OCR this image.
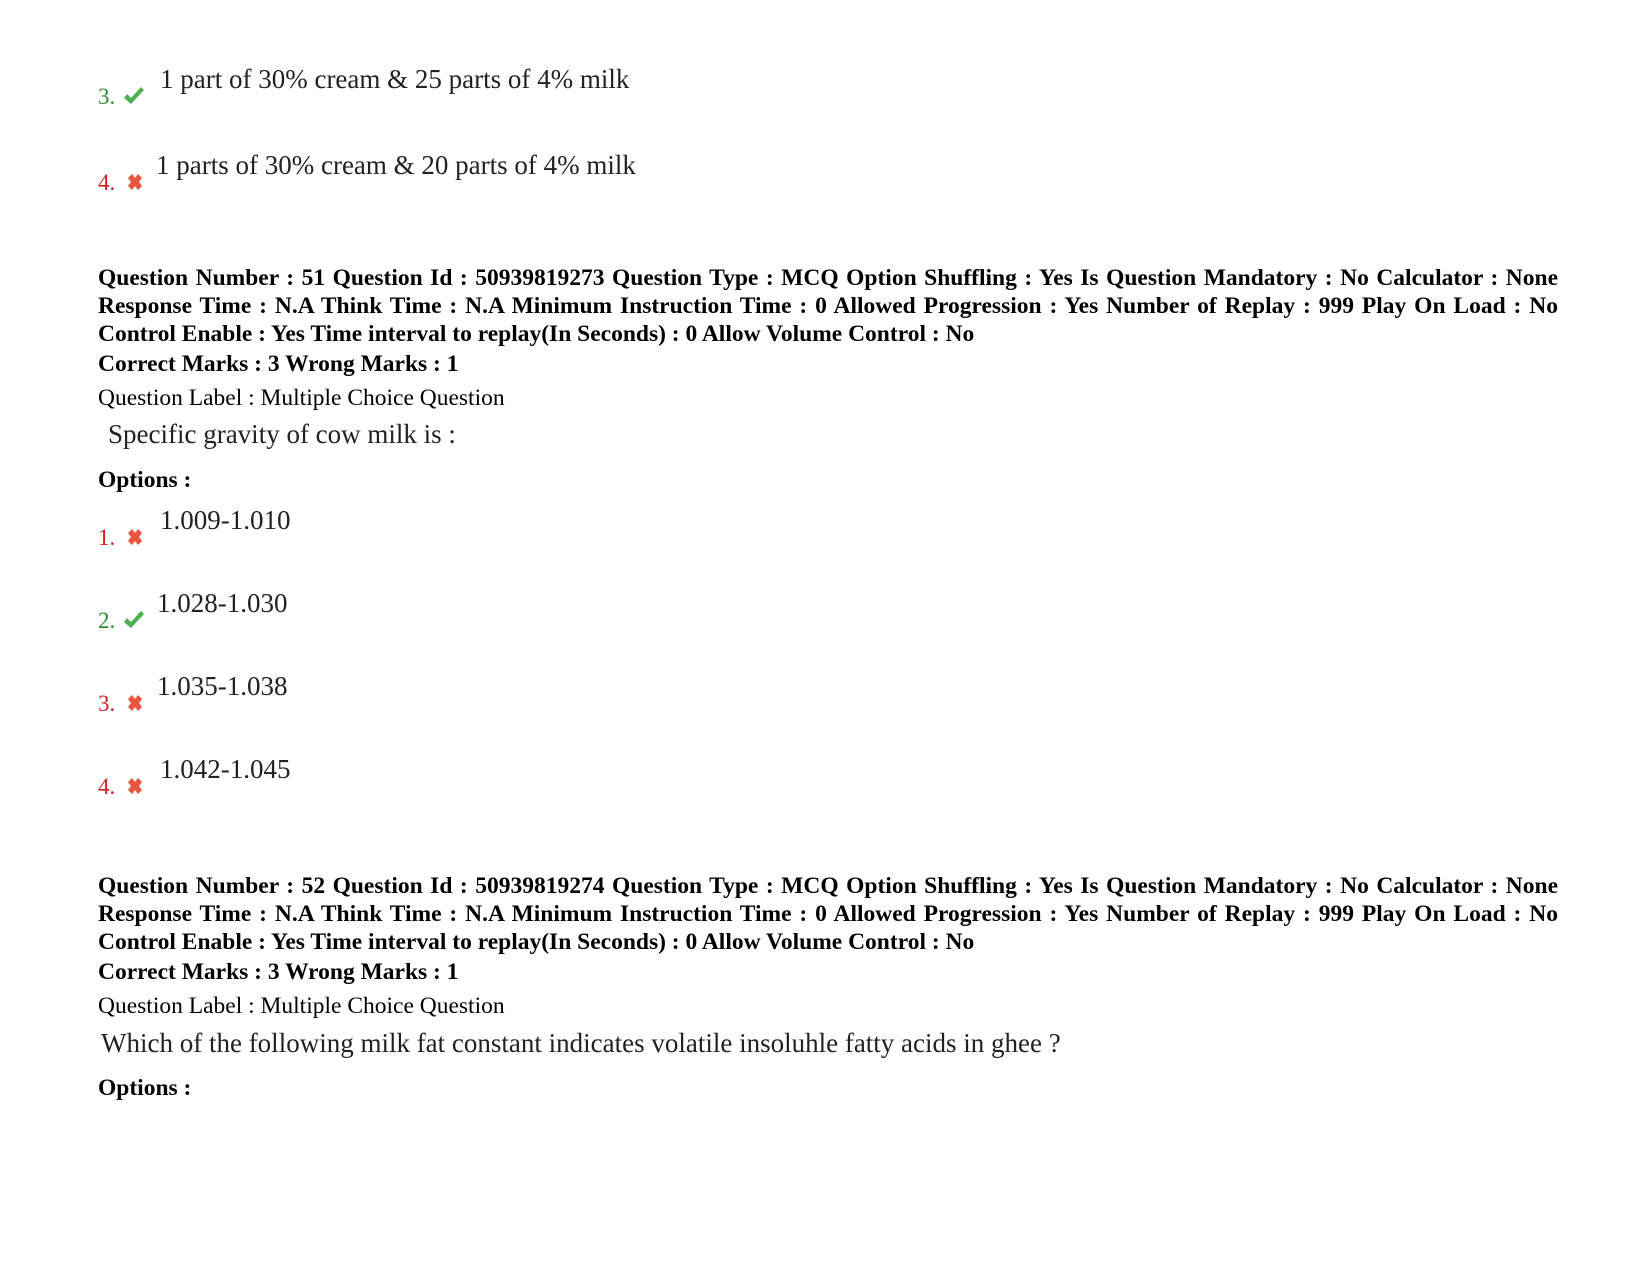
3.
1 part of 30% cream & 25 parts of 4% milk
4.
1 parts of 30% cream & 20 parts of 4% milk
Question Number : 51 Question Id : 50939819273 Question Type : MCQ Option Shuffling : Yes Is Question Mandatory : No Calculator : None Response Time : N.A Think Time : N.A Minimum Instruction Time : 0 Allowed Progression : Yes Number of Replay : 999 Play On Load : No Control Enable : Yes Time interval to replay(In Seconds) : 0 Allow Volume Control : No
Correct Marks : 3 Wrong Marks : 1
Question Label : Multiple Choice Question
Specific gravity of cow milk is :
Options :
1.
1.009-1.010
2.
1.028-1.030
3.
1.035-1.038
4.
1.042-1.045
Question Number : 52 Question Id : 50939819274 Question Type : MCQ Option Shuffling : Yes Is Question Mandatory : No Calculator : None Response Time : N.A Think Time : N.A Minimum Instruction Time : 0 Allowed Progression : Yes Number of Replay : 999 Play On Load : No Control Enable : Yes Time interval to replay(In Seconds) : 0 Allow Volume Control : No
Correct Marks : 3 Wrong Marks : 1
Question Label : Multiple Choice Question
Which of the following milk fat constant indicates volatile insoluhle fatty acids in ghee ?
Options :
